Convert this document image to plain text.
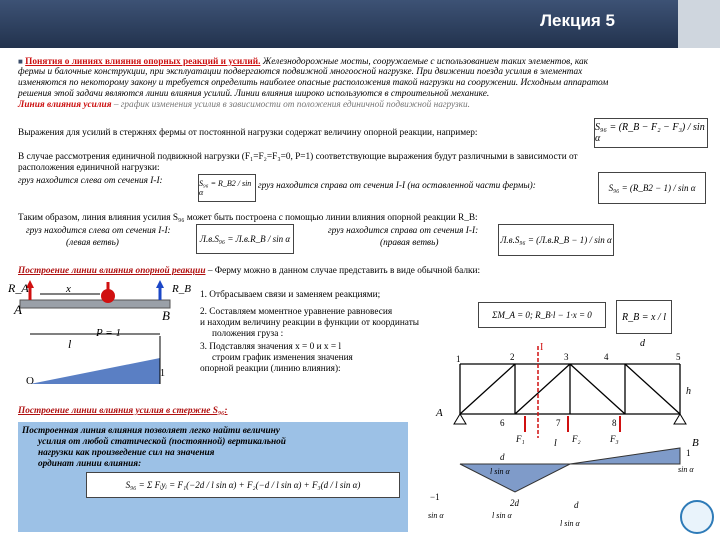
Лекция 5
■ Понятия о линиях влияния опорных реакций и усилий. Железнодорожные мосты, сооружаемые с использованием таких элементов, как
фермы и балочные конструкции, при эксплуатации подвергаются подвижной многоосной нагрузке. При движении поезда усилия в элементах
изменяются по некоторому закону и требуется определить наиболее опасные расположения такой нагрузки на сооружении. Исходным аппаратом
решения этой задачи являются линии влияния усилий. Линии влияния широко используются в строительной механике.
Линия влияния усилия – график изменения усилия в зависимости от положения единичной подвижной нагрузки.
Выражения для усилий в стержнях фермы от постоянной нагрузки содержат величину опорной реакции, например:	S₉₆ = (R_B − F₂ − F₃) / sin α
В случае рассмотрения единичной подвижной нагрузки (F₁=F₂=F₃=0, P=1) соответствующие выражения будут различными в зависимости от
расположения единичной нагрузки:
груз находится слева от сечения I-I:	S₉₆ = R_B2 / sin α
груз находится справа от сечения I-I (на оставленной части фермы):	S₉₆ = (R_B2 − 1) / sin α
Таким образом, линия влияния усилия S₉₆ может быть построена с помощью линии влияния опорной реакции R_B:
груз находится слева от сечения I-I:
(левая ветвь)	Л.в.S₉₆ = Л.в.R_B / sin α
груз находится справа от сечения I-I:
(правая ветвь)	Л.в.S₉₆ = (Л.в.R_B − 1) / sin α
Построение линии влияния опорной реакции – Ферму можно в данном случае представить в виде обычной балки:
1. Отбрасываем связи и заменяем реакциями;
2. Составляем моментное уравнение равновесия
и находим величину реакции в функции от координаты
положения груза :
3. Подставляя значения x = 0 и x = l
строим график изменения значения
опорной реакции (линию влияния):
ΣM_A = 0; R_B·l − 1·x = 0	R_B = x / l
R_A	R_B
A	B
x
P = 1
l
1
O
1	2	3	4	5
6	7	8
d
h
A
B
I
F₁	F₂	F₃
l
d
l sin α
1
sin α
−1
sin α
2d
l sin α
d
l sin α
Построение линии влияния усилия в стержне S₉₆:
Построенная линия влияния позволяет легко найти величину
усилия от любой статической (постоянной) вертикальной
нагрузки как произведение сил на значения
ординат линии влияния:
S₉₆ = Σ Fᵢyᵢ = F₁(−2d / l sin α) + F₂(−d / l sin α) + F₃(d / l sin α)
